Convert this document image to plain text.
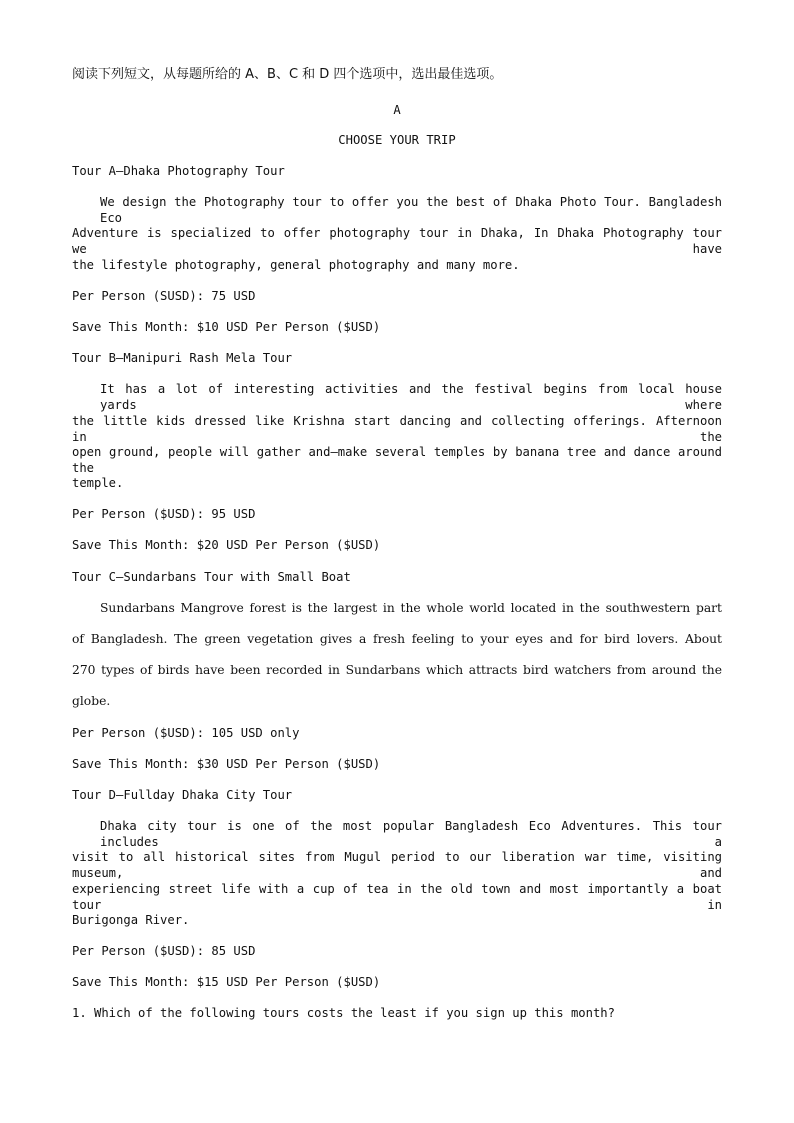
阅读下列短文，从每题所给的 A、B、C 和 D 四个选项中，选出最佳选项。
A
CHOOSE YOUR TRIP
Tour A—Dhaka Photography Tour
We design the Photography tour to offer you the best of Dhaka Photo Tour. Bangladesh Eco
Adventure is specialized to offer photography tour in Dhaka, In Dhaka Photography tour we have
the lifestyle photography, general photography and many more.
Per Person (SUSD): 75 USD
Save This Month: $10 USD Per Person ($USD)
Tour B—Manipuri Rash Mela Tour
It has a lot of interesting activities and the festival begins from local house yards where
the little kids dressed like Krishna start dancing and collecting offerings. Afternoon in the
open ground, people will gather and—make several temples by banana tree and dance around the
temple.
Per Person ($USD): 95 USD
Save This Month: $20 USD Per Person ($USD)
Tour C—Sundarbans Tour with Small Boat
Sundarbans Mangrove forest is the largest in the whole world located in the southwestern part
of Bangladesh. The green vegetation gives a fresh feeling to your eyes and for bird lovers. About
270 types of birds have been recorded in Sundarbans which attracts bird watchers from around the
globe.
Per Person ($USD): 105 USD only
Save This Month: $30 USD Per Person ($USD)
Tour D—Fullday Dhaka City Tour
Dhaka city tour is one of the most popular Bangladesh Eco Adventures. This tour includes a
visit to all historical sites from Mugul period to our liberation war time, visiting museum, and
experiencing street life with a cup of tea in the old town and most importantly a boat tour in
Burigonga River.
Per Person ($USD): 85 USD
Save This Month: $15 USD Per Person ($USD)
1. Which of the following tours costs the least if you sign up this month?
